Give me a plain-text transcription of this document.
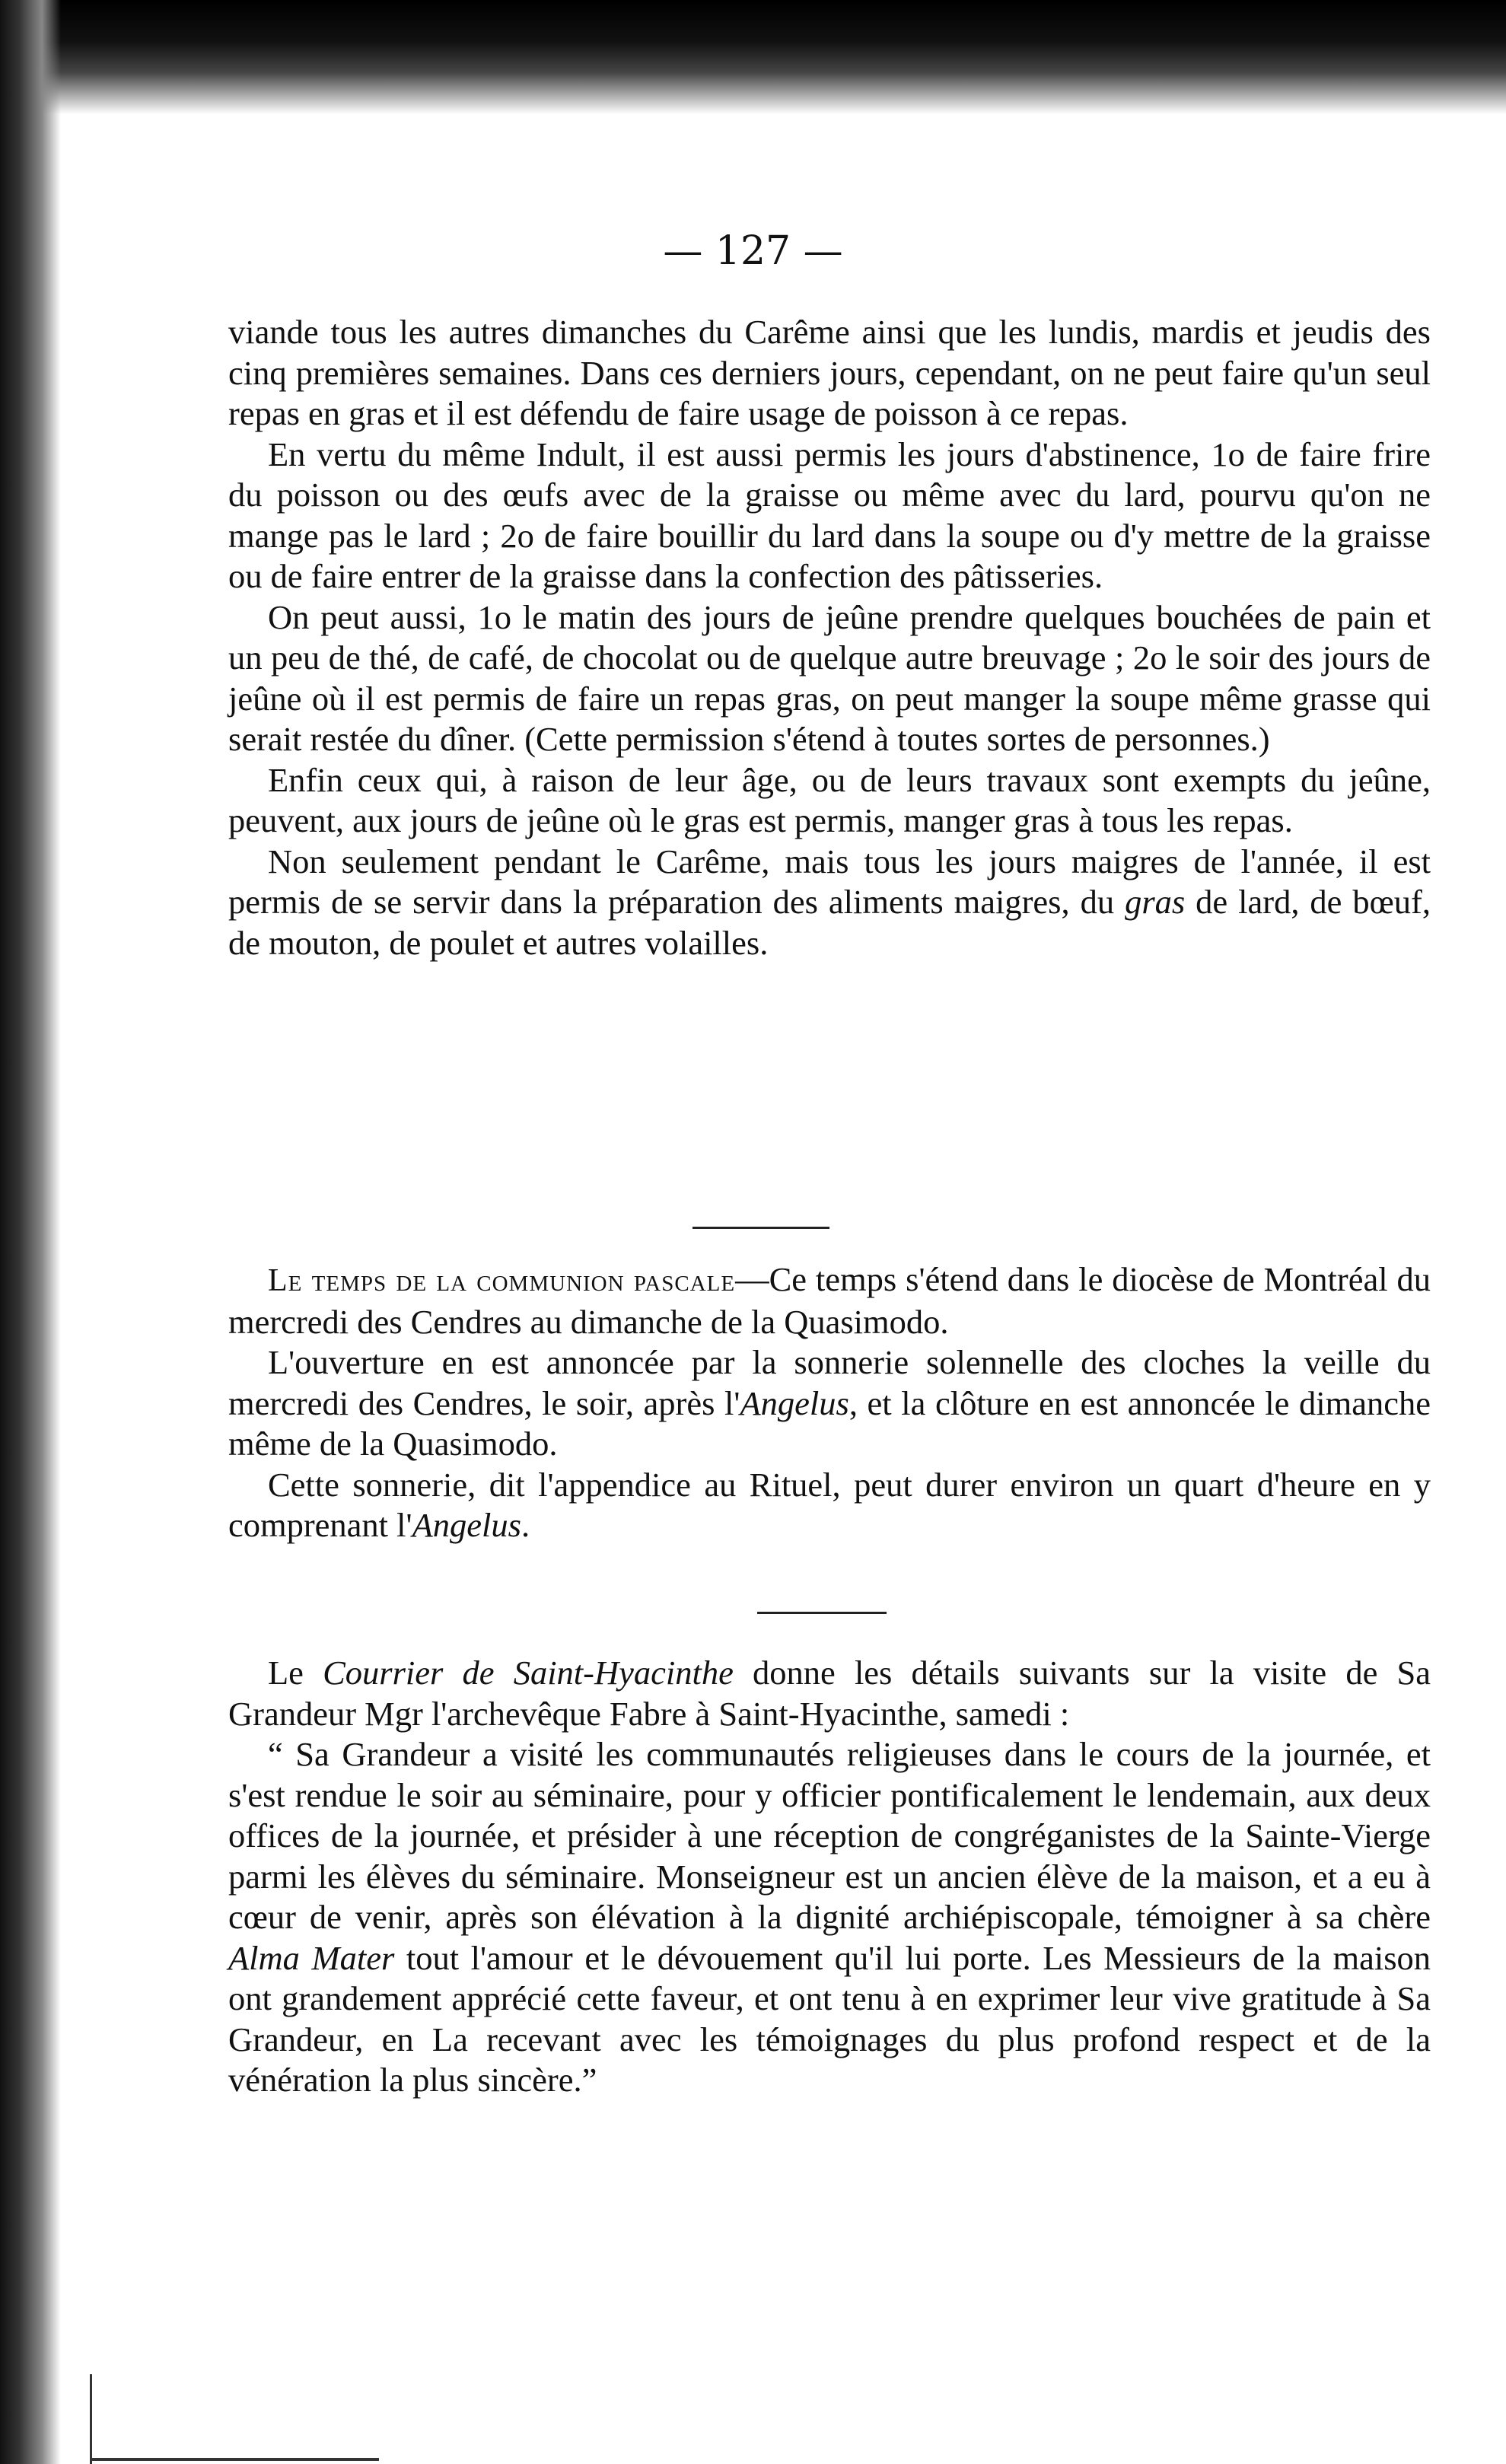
— 127 —

viande tous les autres dimanches du Carême ainsi que les lundis, mardis et jeudis des cinq premières semaines. Dans ces derniers jours, cependant, on ne peut faire qu'un seul repas en gras et il est défendu de faire usage de poisson à ce repas.

En vertu du même Indult, il est aussi permis les jours d'abstinence, 1o de faire frire du poisson ou des œufs avec de la graisse ou même avec du lard, pourvu qu'on ne mange pas le lard ; 2o de faire bouillir du lard dans la soupe ou d'y mettre de la graisse ou de faire entrer de la graisse dans la confection des pâtisseries.

On peut aussi, 1o le matin des jours de jeûne prendre quelques bouchées de pain et un peu de thé, de café, de chocolat ou de quelque autre breuvage ; 2o le soir des jours de jeûne où il est permis de faire un repas gras, on peut manger la soupe même grasse qui serait restée du dîner. (Cette permission s'étend à toutes sortes de personnes.)

Enfin ceux qui, à raison de leur âge, ou de leurs travaux sont exempts du jeûne, peuvent, aux jours de jeûne où le gras est permis, manger gras à tous les repas.

Non seulement pendant le Carême, mais tous les jours maigres de l'année, il est permis de se servir dans la préparation des aliments maigres, du gras de lard, de bœuf, de mouton, de poulet et autres volailles.

Le temps de la communion pascale—Ce temps s'étend dans le diocèse de Montréal du mercredi des Cendres au dimanche de la Quasimodo.

L'ouverture en est annoncée par la sonnerie solennelle des cloches la veille du mercredi des Cendres, le soir, après l'Angelus, et la clôture en est annoncée le dimanche même de la Quasimodo.

Cette sonnerie, dit l'appendice au Rituel, peut durer environ un quart d'heure en y comprenant l'Angelus.

Le Courrier de Saint-Hyacinthe donne les détails suivants sur la visite de Sa Grandeur Mgr l'archevêque Fabre à Saint-Hyacinthe, samedi :

“ Sa Grandeur a visité les communautés religieuses dans le cours de la journée, et s'est rendue le soir au séminaire, pour y officier pontificalement le lendemain, aux deux offices de la journée, et présider à une réception de congréganistes de la Sainte-Vierge parmi les élèves du séminaire. Monseigneur est un ancien élève de la maison, et a eu à cœur de venir, après son élévation à la dignité archiépiscopale, témoigner à sa chère Alma Mater tout l'amour et le dévouement qu'il lui porte. Les Messieurs de la maison ont grandement apprécié cette faveur, et ont tenu à en exprimer leur vive gratitude à Sa Grandeur, en La recevant avec les témoignages du plus profond respect et de la vénération la plus sincère.”
